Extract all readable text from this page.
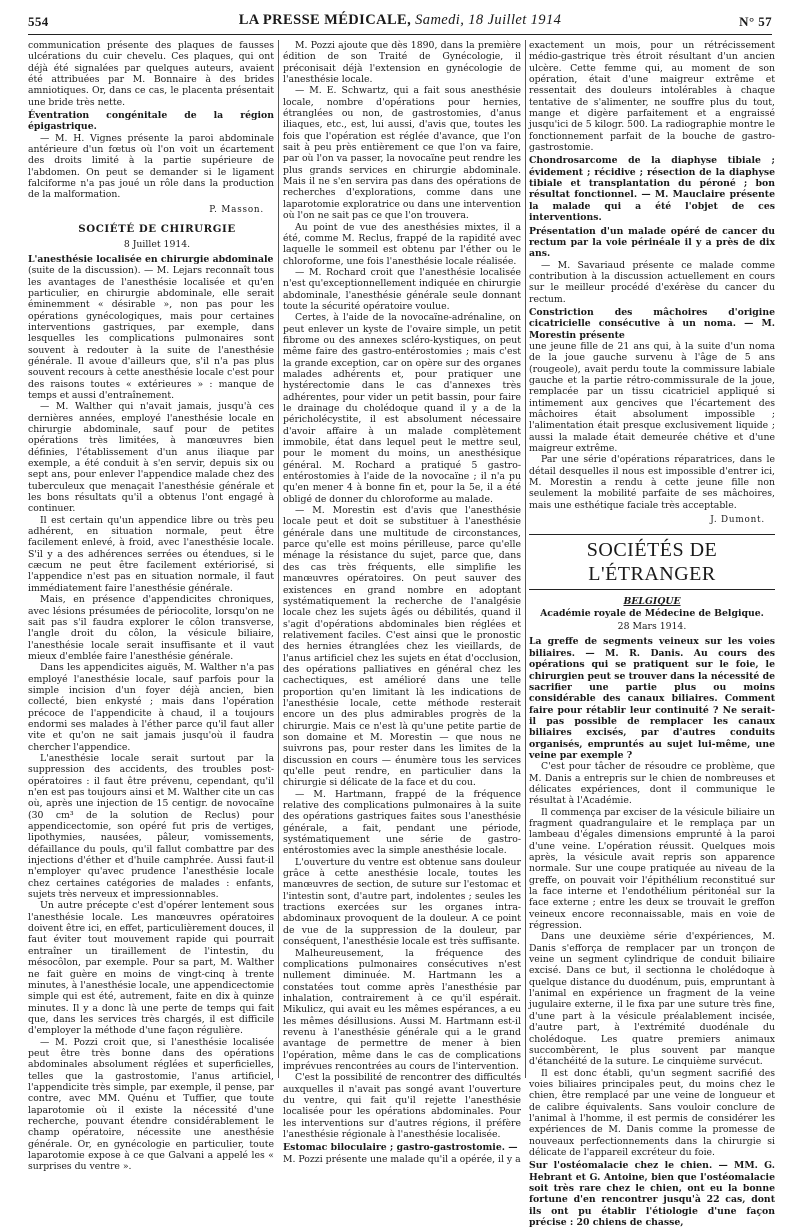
554	LA PRESSE MÉDICALE, Samedi, 18 Juillet 1914	N° 57

communication présente des plaques de fausses ulcérations du cuir chevelu. Ces plaques, qui ont déjà été signalées par quelques auteurs, avaient été attribuées par M. Bonnaire à des brides amniotiques. Or, dans ce cas, le placenta présentait une bride très nette.

Éventration congénitale de la région épigastrique.

— M. H. Vignes présente la paroi abdominale antérieure d'un fœtus où l'on voit un écartement des droits limité à la partie supérieure de l'abdomen. On peut se demander si le ligament falciforme n'a pas joué un rôle dans la production de la malformation.

P. Masson.

SOCIÉTÉ DE CHIRURGIE

8 Juillet 1914.

L'anesthésie localisée en chirurgie abdominale

(suite de la discussion). — M. Lejars reconnaît tous les avantages de l'anesthésie localisée et qu'en particulier, en chirurgie abdominale, elle serait éminemment « désirable », non pas pour les opérations gynécologiques, mais pour certaines interventions gastriques, par exemple, dans lesquelles les complications pulmonaires sont souvent à redouter à la suite de l'anesthésie générale. Il avoue d'ailleurs que, s'il n'a pas plus souvent recours à cette anesthésie locale c'est pour des raisons toutes « extérieures » : manque de temps et aussi d'entraînement.

— M. Walther qui n'avait jamais, jusqu'à ces dernières années, employé l'anesthésie locale en chirurgie abdominale, sauf pour de petites opérations très limitées, à manœuvres bien définies, l'établissement d'un anus iliaque par exemple, a été conduit à s'en servir, depuis six ou sept ans, pour enlever l'appendice malade chez des tuberculeux que menaçait l'anesthésie générale et les bons résultats qu'il a obtenus l'ont engagé à continuer.

Il est certain qu'un appendice libre ou très peu adhérent, en situation normale, peut être facilement enlevé, à froid, avec l'anesthésie locale. S'il y a des adhérences serrées ou étendues, si le cæcum ne peut être facilement extériorisé, si l'appendice n'est pas en situation normale, il faut immédiatement faire l'anesthésie générale.

Mais, en présence d'appendicites chroniques, avec lésions présumées de périocolite, lorsqu'on ne sait pas s'il faudra explorer le côlon transverse, l'angle droit du côlon, la vésicule biliaire, l'anesthésie locale serait insuffisante et il vaut mieux d'emblée faire l'anesthésie générale.

Dans les appendicites aiguës, M. Walther n'a pas employé l'anesthésie locale, sauf parfois pour la simple incision d'un foyer déjà ancien, bien collecté, bien enkysté ; mais dans l'opération précoce de l'appendicite à chaud, il a toujours endormi ses malades à l'éther parce qu'il faut aller vite et qu'on ne sait jamais jusqu'où il faudra chercher l'appendice.

L'anesthésie locale serait surtout par la suppression des accidents, des troubles post-opératoires : il faut être prévenu, cependant, qu'il n'en est pas toujours ainsi et M. Walther cite un cas où, après une injection de 15 centigr. de novocaïne (30 cm³ de la solution de Reclus) pour appendicectomie, son opéré fut pris de vertiges, lipothymies, nausées, pâleur, vomissements, défaillance du pouls, qu'il fallut combattre par des injections d'éther et d'huile camphrée. Aussi faut-il n'employer qu'avec prudence l'anesthésie locale chez certaines catégories de malades : enfants, sujets très nerveux et impressionnables.

Un autre précepte c'est d'opérer lentement sous l'anesthésie locale. Les manœuvres opératoires doivent être ici, en effet, particulièrement douces, il faut éviter tout mouvement rapide qui pourrait entraîner un tiraillement de l'intestin, du mésocôlon, par exemple. Pour sa part, M. Walther ne fait guère en moins de vingt-cinq à trente minutes, à l'anesthésie locale, une appendicectomie simple qui est été, autrement, faite en dix à quinze minutes. Il y a donc là une perte de temps qui fait que, dans les services très chargés, il est difficile d'employer la méthode d'une façon régulière.

— M. Pozzi croit que, si l'anesthésie localisée peut être très bonne dans des opérations abdominales absolument réglées et superficielles, telles que la gastrostomie, l'anus artificiel, l'appendicite très simple, par exemple, il pense, par contre, avec MM. Quénu et Tuffier, que toute laparotomie où il existe la nécessité d'une recherche, pouvant étendre considérablement le champ opératoire, nécessite une anesthésie générale. Or, en gynécologie en particulier, toute laparotomie expose à ce que Galvani a appelé les « surprises du ventre ».

M. Pozzi ajoute que dès 1890, dans la première édition de son Traité de Gynécologie, il préconisait déjà l'extension en gynécologie de l'anesthésie locale.

— M. E. Schwartz, qui a fait sous anesthésie locale, nombre d'opérations pour hernies, étranglées ou non, de gastrostomies, d'anus iliaques, etc., est, lui aussi, d'avis que, toutes les fois que l'opération est réglée d'avance, que l'on sait à peu près entièrement ce que l'on va faire, par où l'on va passer, la novocaïne peut rendre les plus grands services en chirurgie abdominale. Mais il ne s'en servira pas dans des opérations de recherches d'explorations, comme dans une laparotomie exploratrice ou dans une intervention où l'on ne sait pas ce que l'on trouvera.

Au point de vue des anesthésies mixtes, il a été, comme M. Reclus, frappé de la rapidité avec laquelle le sommeil est obtenu par l'éther ou le chloroforme, une fois l'anesthésie locale réalisée.

— M. Rochard croit que l'anesthésie localisée n'est qu'exceptionnellement indiquée en chirurgie abdominale, l'anesthésie générale seule donnant toute la sécurité opératoire voulue.

Certes, à l'aide de la novocaïne-adrénaline, on peut enlever un kyste de l'ovaire simple, un petit fibrome ou des annexes scléro-kystiques, on peut même faire des gastro-entérostomies ; mais c'est la grande exception, car on opère sur des organes malades adhérents et, pour pratiquer une hystérectomie dans le cas d'annexes très adhérentes, pour vider un petit bassin, pour faire le drainage du cholédoque quand il y a de la péricholécystite, il est absolument nécessaire d'avoir affaire à un malade complètement immobile, état dans lequel peut le mettre seul, pour le moment du moins, un anesthésique général. M. Rochard a pratiqué 5 gastro-entérostomies à l'aide de la novocaïne ; il n'a pu qu'en mener 4 à bonne fin et, pour la 5e, il a été obligé de donner du chloroforme au malade.

— M. Morestin est d'avis que l'anesthésie locale peut et doit se substituer à l'anesthésie générale dans une multitude de circonstances, parce qu'elle est moins périlleuse, parce qu'elle ménage la résistance du sujet, parce que, dans des cas très fréquents, elle simplifie les manœuvres opératoires. On peut sauver des existences en grand nombre en adoptant systématiquement la recherche de l'analgésie locale chez les sujets âgés ou débilités, quand il s'agit d'opérations abdominales bien réglées et relativement faciles. C'est ainsi que le pronostic des hernies étranglées chez les vieillards, de l'anus artificiel chez les sujets en état d'occlusion, des opérations palliatives en général chez les cachectiques, est amélioré dans une telle proportion qu'en limitant là les indications de l'anesthésie locale, cette méthode resterait encore un des plus admirables progrès de la chirurgie. Mais ce n'est là qu'une petite partie de son domaine et M. Morestin — que nous ne suivrons pas, pour rester dans les limites de la discussion en cours — énumère tous les services qu'elle peut rendre, en particulier dans la chirurgie si délicate de la face et du cou.

— M. Hartmann, frappé de la fréquence relative des complications pulmonaires à la suite des opérations gastriques faites sous l'anesthésie générale, a fait, pendant une période, systématiquement une série de gastro-entérostomies avec la simple anesthésie locale.

L'ouverture du ventre est obtenue sans douleur grâce à cette anesthésie locale, toutes les manœuvres de section, de suture sur l'estomac et l'intestin sont, d'autre part, indolentes ; seules les tractions exercées sur les organes intra-abdominaux provoquent de la douleur. A ce point de vue de la suppression de la douleur, par conséquent, l'anesthésie locale est très suffisante.

Malheureusement, la fréquence des complications pulmonaires consécutives n'est nullement diminuée. M. Hartmann les a constatées tout comme après l'anesthésie par inhalation, contrairement à ce qu'il espérait. Mikulicz, qui avait eu les mêmes espérances, a eu les mêmes désillusions. Aussi M. Hartmann est-il revenu à l'anesthésie générale qui a le grand avantage de permettre de mener à bien l'opération, même dans le cas de complications imprévues rencontrées au cours de l'intervention.

C'est la possibilité de rencontrer des difficultés auxquelles il n'avait pas songé avant l'ouverture du ventre, qui fait qu'il rejette l'anesthésie localisée pour les opérations abdominales. Pour les interventions sur d'autres régions, il préfère l'anesthésie régionale à l'anesthésie localisée.

Estomac biloculaire ; gastro-gastrostomie. —

M. Pozzi présente une malade qu'il a opérée, il y a

exactement un mois, pour un rétrécissement médio-gastrique très étroit résultant d'un ancien ulcère. Cette femme qui, au moment de son opération, était d'une maigreur extrême et ressentait des douleurs intolérables à chaque tentative de s'alimenter, ne souffre plus du tout, mange et digère parfaitement et a engraissé jusqu'ici de 5 kilogr. 500. La radiographie montre le fonctionnement parfait de la bouche de gastro-gastrostomie.

Chondrosarcome de la diaphyse tibiale ; évidement ; récidive ; résection de la diaphyse tibiale et transplantation du péroné ; bon résultat fonctionnel. — M. Mauclaire présente la malade qui a été l'objet de ces interventions.

Présentation d'un malade opéré de cancer du rectum par la voie périnéale il y a près de dix ans.

— M. Savariaud présente ce malade comme contribution à la discussion actuellement en cours sur le meilleur procédé d'exérèse du cancer du rectum.

Constriction des mâchoires d'origine cicatricielle consécutive à un noma. — M. Morestin présente

une jeune fille de 21 ans qui, à la suite d'un noma de la joue gauche survenu à l'âge de 5 ans (rougeole), avait perdu toute la commissure labiale gauche et la partie rétro-commissurale de la joue, remplacée par un tissu cicatriciel appliqué si intimement aux gencives que l'écartement des mâchoires était absolument impossible ; l'alimentation était presque exclusivement liquide ; aussi la malade était demeurée chétive et d'une maigreur extrême.

Par une série d'opérations réparatrices, dans le détail desquelles il nous est impossible d'entrer ici, M. Morestin a rendu à cette jeune fille non seulement la mobilité parfaite de ses mâchoires, mais une esthétique faciale très acceptable.

J. Dumont.

SOCIÉTÉS DE L'ÉTRANGER
BELGIQUE
Académie royale de Médecine de Belgique.
28 Mars 1914.

La greffe de segments veineux sur les voies biliaires. — M. R. Danis. Au cours des opérations qui se pratiquent sur le foie, le chirurgien peut se trouver dans la nécessité de sacrifier une partie plus ou moins considérable des canaux biliaires. Comment faire pour rétablir leur continuité ? Ne serait-il pas possible de remplacer les canaux biliaires excisés, par d'autres conduits organisés, empruntés au sujet lui-même, une veine par exemple ?

C'est pour tâcher de résoudre ce problème, que M. Danis a entrepris sur le chien de nombreuses et délicates expériences, dont il communique le résultat à l'Académie.

Il commença par exciser de la vésicule biliaire un fragment quadrangulaire et le remplaça par un lambeau d'égales dimensions emprunté à la paroi d'une veine. L'opération réussit. Quelques mois après, la vésicule avait repris son apparence normale. Sur une coupe pratiquée au niveau de la greffe, on pouvait voir l'épithélium reconstitué sur la face interne et l'endothélium péritonéal sur la face externe ; entre les deux se trouvait le greffon veineux encore reconnaissable, mais en voie de régression.

Dans une deuxième série d'expériences, M. Danis s'efforça de remplacer par un tronçon de veine un segment cylindrique de conduit biliaire excisé. Dans ce but, il sectionna le cholédoque à quelque distance du duodénum, puis, empruntant à l'animal en expérience un fragment de la veine jugulaire externe, il le fixa par une suture très fine, d'une part à la vésicule préalablement incisée, d'autre part, à l'extrémité duodénale du cholédoque. Les quatre premiers animaux succombèrent, le plus souvent par manque d'étanchéité de la suture. Le cinquième survécut.

Il est donc établi, qu'un segment sacrifié des voies biliaires principales peut, du moins chez le chien, être remplacé par une veine de longueur et de calibre équivalents. Sans vouloir conclure de l'animal à l'homme, il est permis de considérer les expériences de M. Danis comme la promesse de nouveaux perfectionnements dans la chirurgie si délicate de l'appareil excréteur du foie.

Sur l'ostéomalacie chez le chien. — MM. G. Hebrant et G. Antoine, bien que l'ostéomalacie soit très rare chez le chien, ont eu la bonne fortune d'en rencontrer jusqu'à 22 cas, dont ils ont pu établir l'étiologie d'une façon précise : 20 chiens de chasse,
